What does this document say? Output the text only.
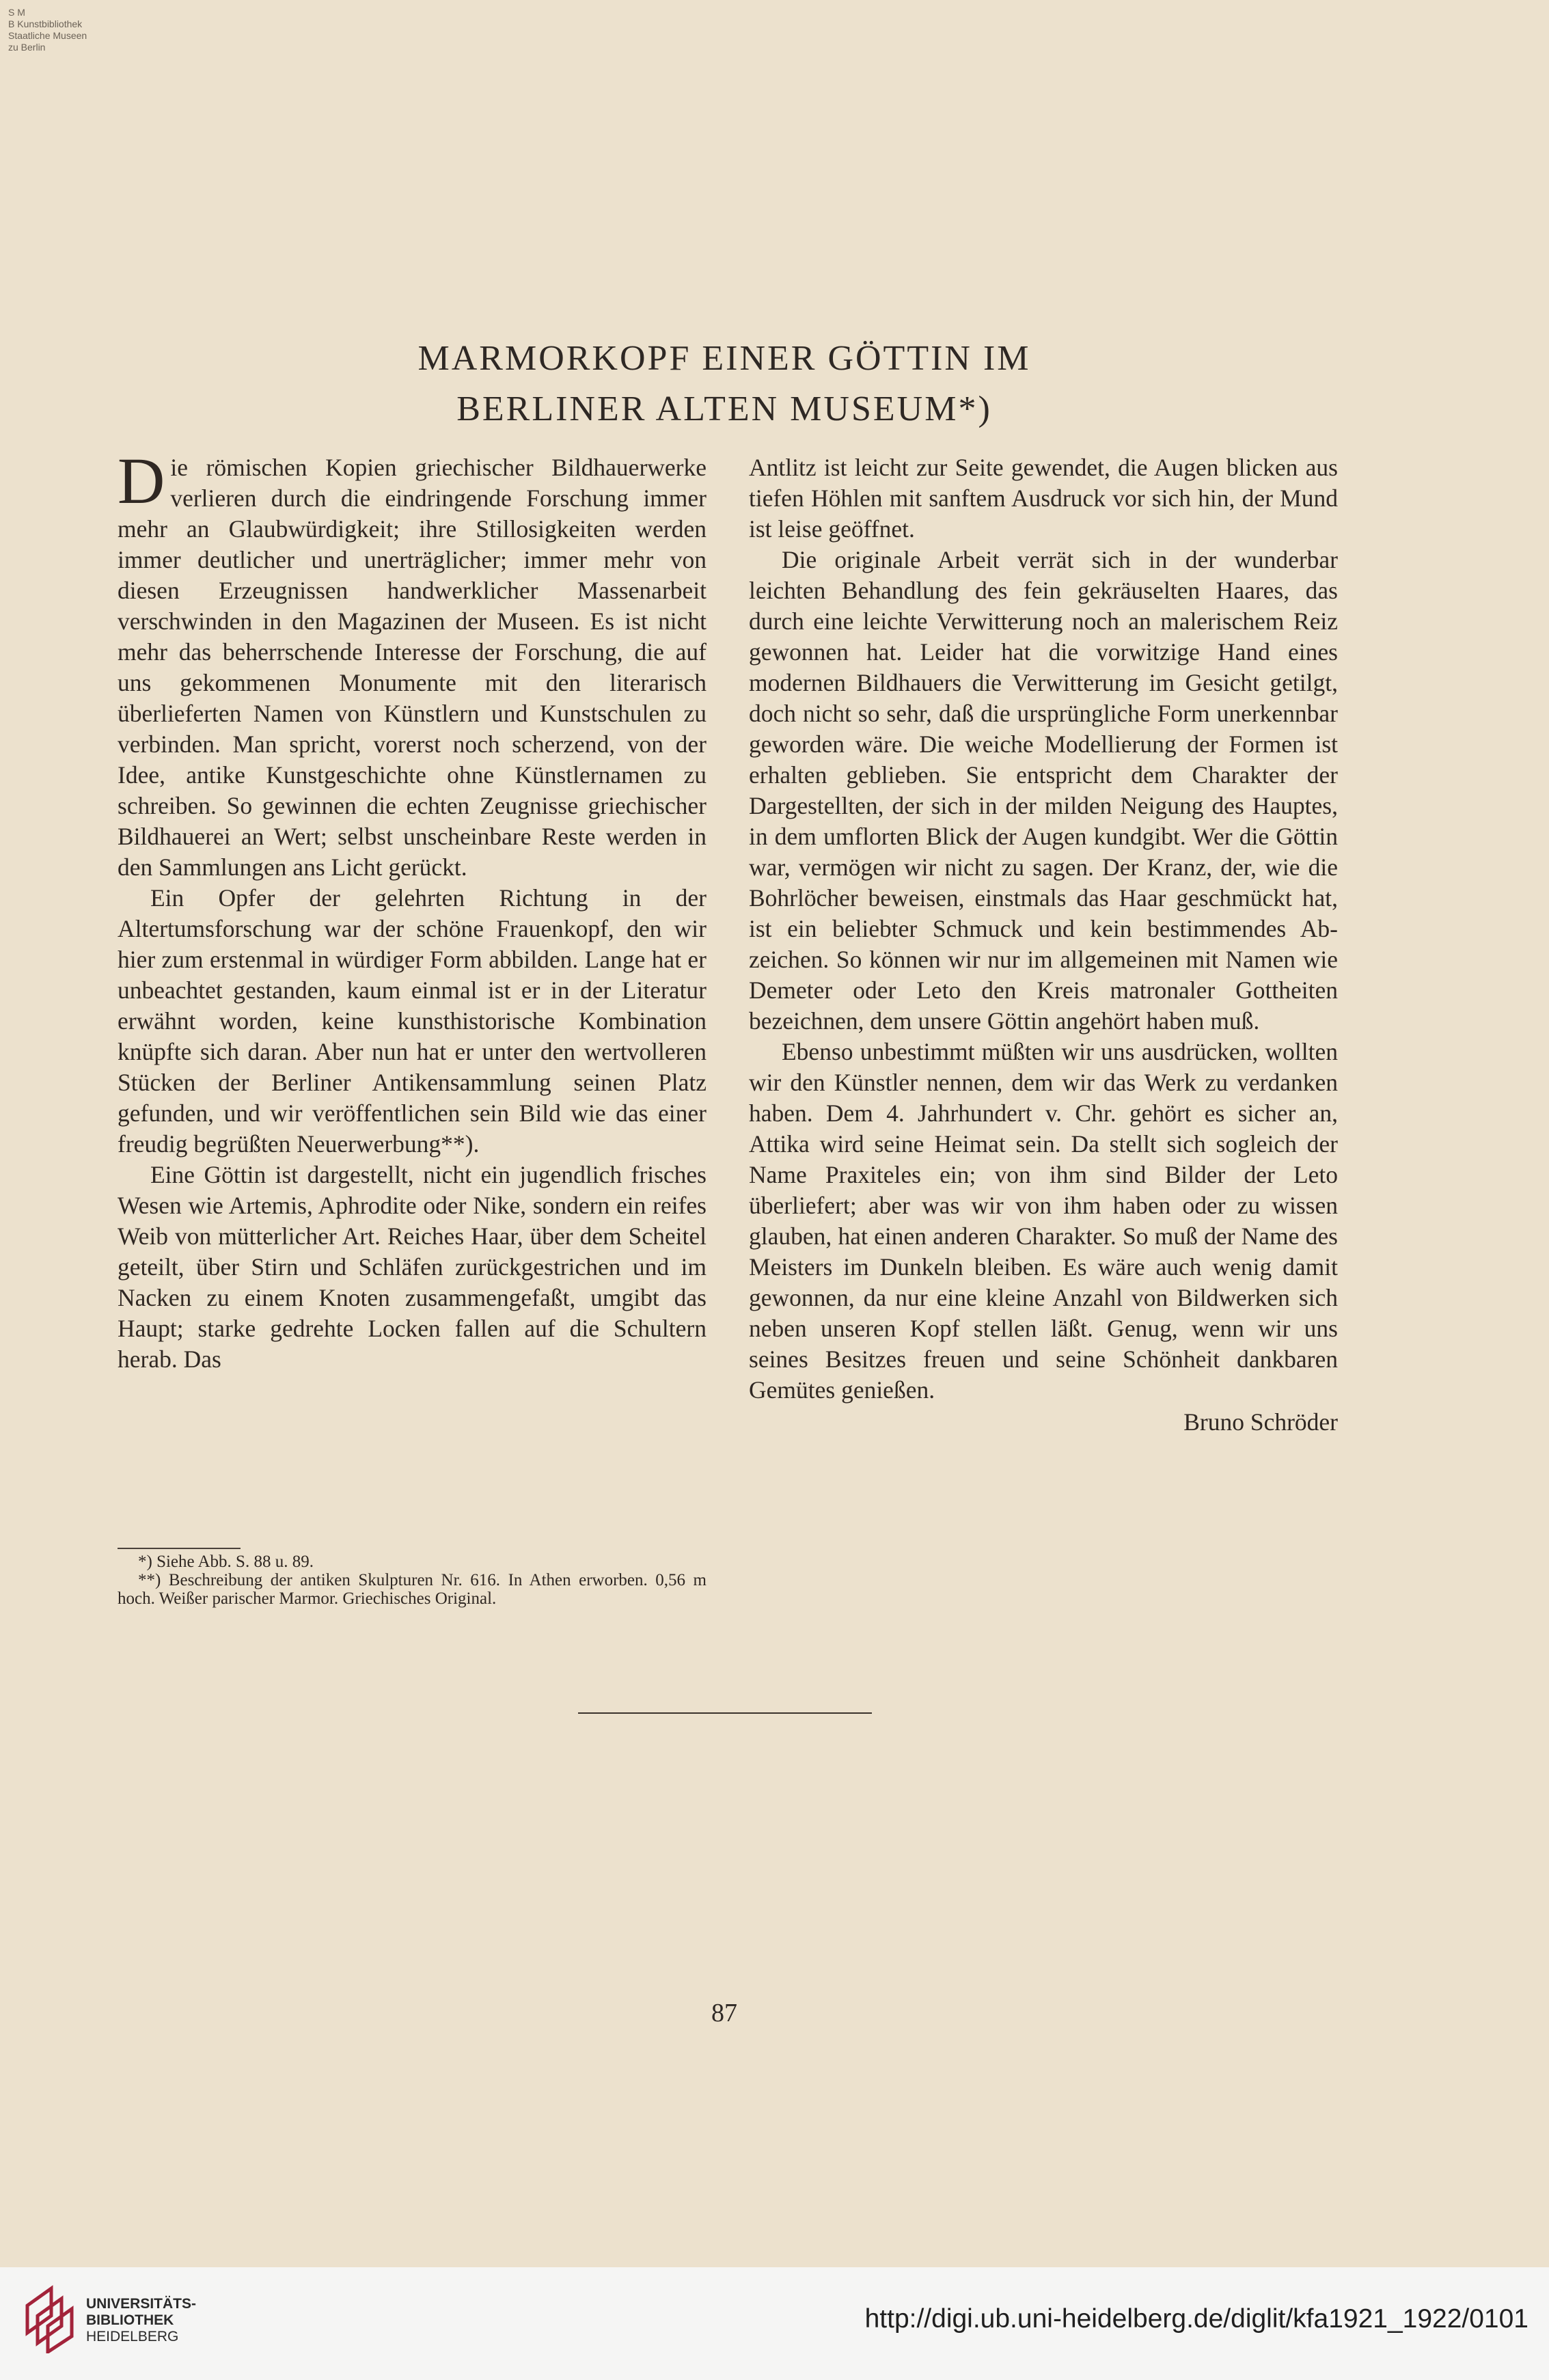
S M
B Kunstbibliothek
Staatliche Museen
zu Berlin
MARMORKOPF EINER GÖTTIN IM
BERLINER ALTEN MUSEUM*)

Die römischen Kopien griechischer Bildhauerwerke verlieren durch die eindringende Forschung immer mehr an Glaubwürdigkeit; ihre Stillosigkeiten werden immer deutlicher und unerträglicher; immer mehr von diesen Erzeugnissen handwerklicher Massenarbeit verschwinden in den Magazinen der Museen. Es ist nicht mehr das beherrschende Interesse der Forschung, die auf uns gekommenen Monumente mit den literarisch überlieferten Namen von Künstlern und Kunstschulen zu verbinden. Man spricht, vorerst noch scherzend, von der Idee, antike Kunstgeschichte ohne Künstlernamen zu schreiben. So gewinnen die echten Zeugnisse griechischer Bildhauerei an Wert; selbst unscheinbare Reste werden in den Sammlungen ans Licht gerückt.

Ein Opfer der gelehrten Richtung in der Altertumsforschung war der schöne Frauenkopf, den wir hier zum erstenmal in würdiger Form abbilden. Lange hat er unbeachtet gestanden, kaum einmal ist er in der Literatur erwähnt worden, keine kunsthistorische Kombination knüpfte sich daran. Aber nun hat er unter den wertvolleren Stücken der Berliner Antikensammlung seinen Platz gefunden, und wir veröffentlichen sein Bild wie das einer freudig begrüßten Neuerwerbung**).

Eine Göttin ist dargestellt, nicht ein jugendlich frisches Wesen wie Artemis, Aphrodite oder Nike, sondern ein reifes Weib von mütterlicher Art. Reiches Haar, über dem Scheitel geteilt, über Stirn und Schläfen zurückgestrichen und im Nacken zu einem Knoten zusammengefaßt, umgibt das Haupt; starke gedrehte Locken fallen auf die Schultern herab. Das

*) Siehe Abb. S. 88 u. 89.

**) Beschreibung der antiken Skulpturen Nr. 616. In Athen erworben. 0,56 m hoch. Weißer parischer Marmor. Griechisches Original.

Antlitz ist leicht zur Seite gewendet, die Augen blicken aus tiefen Höhlen mit sanftem Ausdruck vor sich hin, der Mund ist leise geöffnet.

Die originale Arbeit verrät sich in der wunderbar leichten Behandlung des fein gekräuselten Haares, das durch eine leichte Verwitterung noch an malerischem Reiz gewonnen hat. Leider hat die vorwitzige Hand eines modernen Bildhauers die Verwitterung im Gesicht getilgt, doch nicht so sehr, daß die ursprüngliche Form unerkennbar geworden wäre. Die weiche Modellierung der Formen ist erhalten geblieben. Sie entspricht dem Charakter der Dargestellten, der sich in der milden Neigung des Hauptes, in dem umflorten Blick der Augen kundgibt. Wer die Göttin war, vermögen wir nicht zu sagen. Der Kranz, der, wie die Bohrlöcher beweisen, einstmals das Haar geschmückt hat, ist ein beliebter Schmuck und kein bestimmendes Abzeichen. So können wir nur im allgemeinen mit Namen wie Demeter oder Leto den Kreis matronaler Gottheiten bezeichnen, dem unsere Göttin angehört haben muß.

Ebenso unbestimmt müßten wir uns ausdrücken, wollten wir den Künstler nennen, dem wir das Werk zu verdanken haben. Dem 4. Jahrhundert v. Chr. gehört es sicher an, Attika wird seine Heimat sein. Da stellt sich sogleich der Name Praxiteles ein; von ihm sind Bilder der Leto überliefert; aber was wir von ihm haben oder zu wissen glauben, hat einen anderen Charakter. So muß der Name des Meisters im Dunkeln bleiben. Es wäre auch wenig damit gewonnen, da nur eine kleine Anzahl von Bildwerken sich neben unseren Kopf stellen läßt. Genug, wenn wir uns seines Besitzes freuen und seine Schönheit dankbaren Gemütes genießen.

Bruno Schröder
87
UNIVERSITÄTS-
BIBLIOTHEK
HEIDELBERG
http://digi.ub.uni-heidelberg.de/diglit/kfa1921_1922/0101
